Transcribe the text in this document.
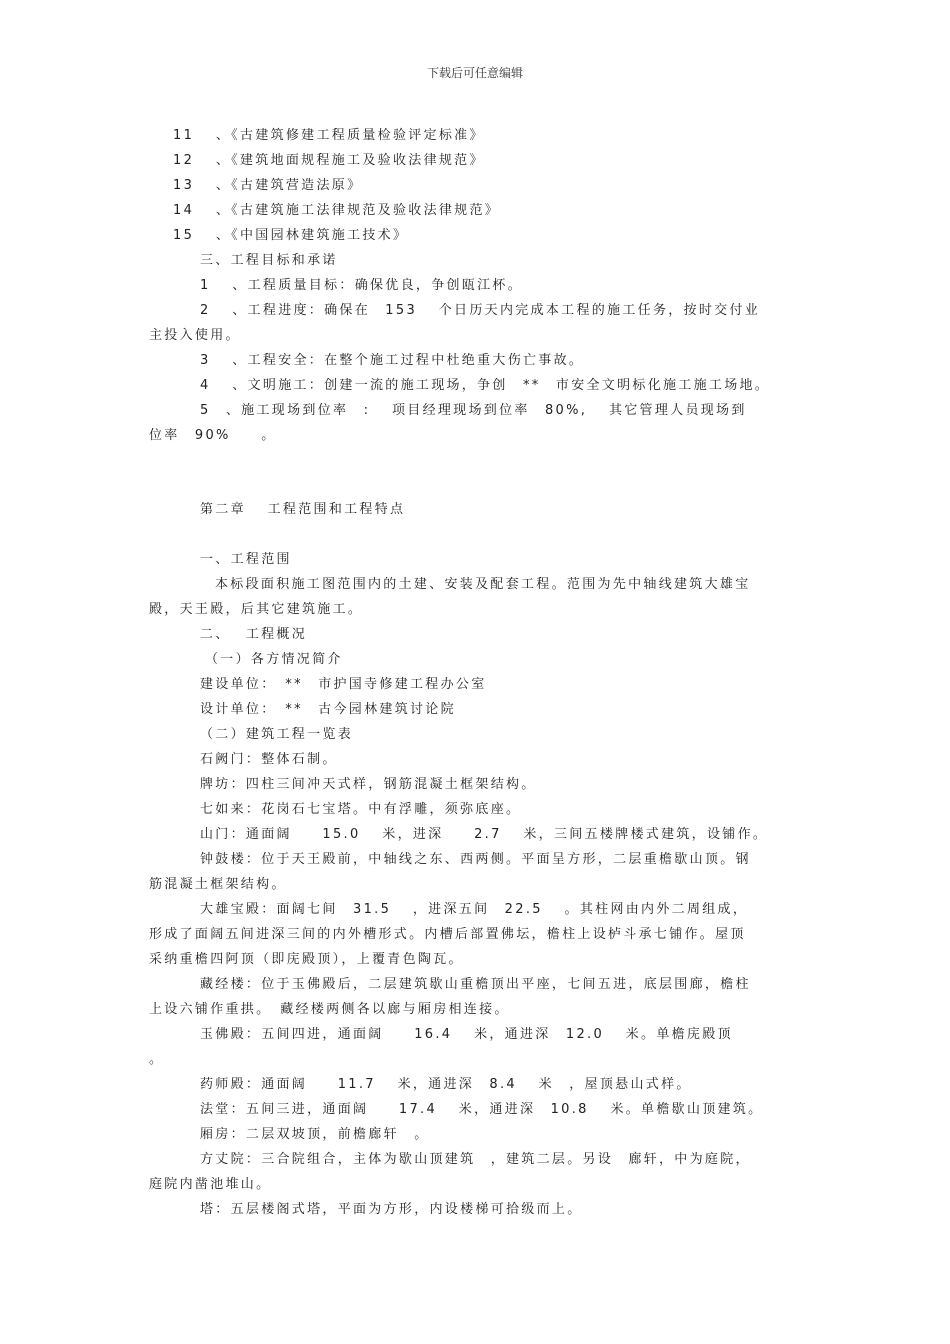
下载后可任意编辑
11　 、《古建筑修建工程质量检验评定标准》
12　 、《建筑地面规程施工及验收法律规范》
13　 、《古建筑营造法原》
14　 、《古建筑施工法律规范及验收法律规范》
15　 、《中国园林建筑施工技术》
三、工程目标和承诺
1　 、工程质量目标：确保优良，争创瓯江杯。
2　 、工程进度：确保在　153　 个日历天内完成本工程的施工任务，按时交付业
主投入使用。
3　 、工程安全：在整个施工过程中杜绝重大伤亡事故。
4　 、文明施工：创建一流的施工现场，争创　**　市安全文明标化施工施工场地。
5　、施工现场到位率　:　 项目经理现场到位率　80%,　 其它管理人员现场到
位率　90%　　。
第二章　 工程范围和工程特点
一、工程范围
本标段面积施工图范围内的土建、安装及配套工程。范围为先中轴线建筑大雄宝
殿，天王殿，后其它建筑施工。
二、　 工程概况
（一）各方情况简介
建设单位：　**　市护国寺修建工程办公室
设计单位：　**　古今园林建筑讨论院
（二）建筑工程一览表
石阙门：整体石制。
牌坊：四柱三间冲天式样，钢筋混凝土框架结构。
七如来：花岗石七宝塔。中有浮雕，须弥底座。
山门：通面阔　　15.0　 米，进深　　2.7　 米，三间五楼牌楼式建筑，设铺作。
钟鼓楼：位于天王殿前，中轴线之东、西两侧。平面呈方形，二层重檐歇山顶。钢
筋混凝土框架结构。
大雄宝殿：面阔七间　31.5　 ，进深五间　22.5　 。其柱网由内外二周组成，
形成了面阔五间进深三间的内外槽形式。内槽后部置佛坛，檐柱上设栌斗承七铺作。屋顶
采纳重檐四阿顶（即庑殿顶），上覆青色陶瓦。
藏经楼：位于玉佛殿后，二层建筑歇山重檐顶出平座，七间五进，底层围廊，檐柱
上设六铺作重拱。　藏经楼两侧各以廊与厢房相连接。
玉佛殿：五间四进，通面阔　　16.4　 米，通进深　12.0　 米。单檐庑殿顶
。
药师殿：通面阔　　11.7　 米，通进深　8.4　 米　，屋顶悬山式样。
法堂：五间三进，通面阔　　17.4　 米，通进深　10.8　 米。单檐歇山顶建筑。
厢房：二层双坡顶，前檐廊轩　。
方丈院：三合院组合，主体为歇山顶建筑　，建筑二层。另设　廊轩，中为庭院，
庭院内凿池堆山。
塔：五层楼阁式塔，平面为方形，内设楼梯可拾级而上。
